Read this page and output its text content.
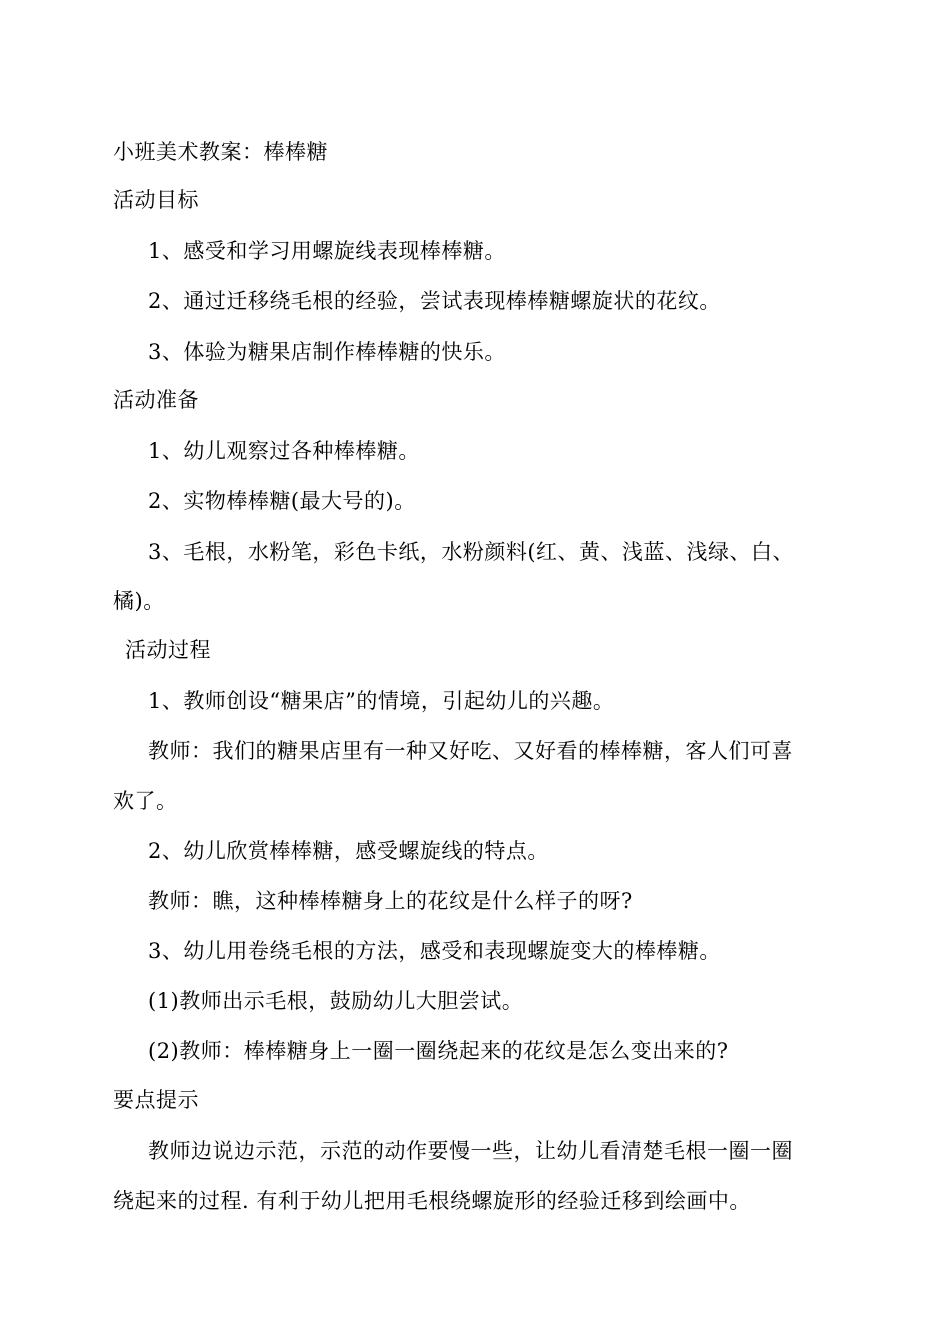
小班美术教案：棒棒糖
活动目标
1、感受和学习用螺旋线表现棒棒糖。
2、通过迁移绕毛根的经验，尝试表现棒棒糖螺旋状的花纹。
3、体验为糖果店制作棒棒糖的快乐。
活动准备
1、幼儿观察过各种棒棒糖。
2、实物棒棒糖(最大号的)。
3、毛根，水粉笔，彩色卡纸，水粉颜料(红、黄、浅蓝、浅绿、白、
橘)。
活动过程
1、教师创设“糖果店”的情境，引起幼儿的兴趣。
教师：我们的糖果店里有一种又好吃、又好看的棒棒糖，客人们可喜
欢了。
2、幼儿欣赏棒棒糖，感受螺旋线的特点。
教师：瞧，这种棒棒糖身上的花纹是什么样子的呀?
3、幼儿用卷绕毛根的方法，感受和表现螺旋变大的棒棒糖。
(1)教师出示毛根，鼓励幼儿大胆尝试。
(2)教师：棒棒糖身上一圈一圈绕起来的花纹是怎么变出来的?
要点提示
教师边说边示范，示范的动作要慢一些，让幼儿看清楚毛根一圈一圈
绕起来的过程. 有利于幼儿把用毛根绕螺旋形的经验迁移到绘画中。
